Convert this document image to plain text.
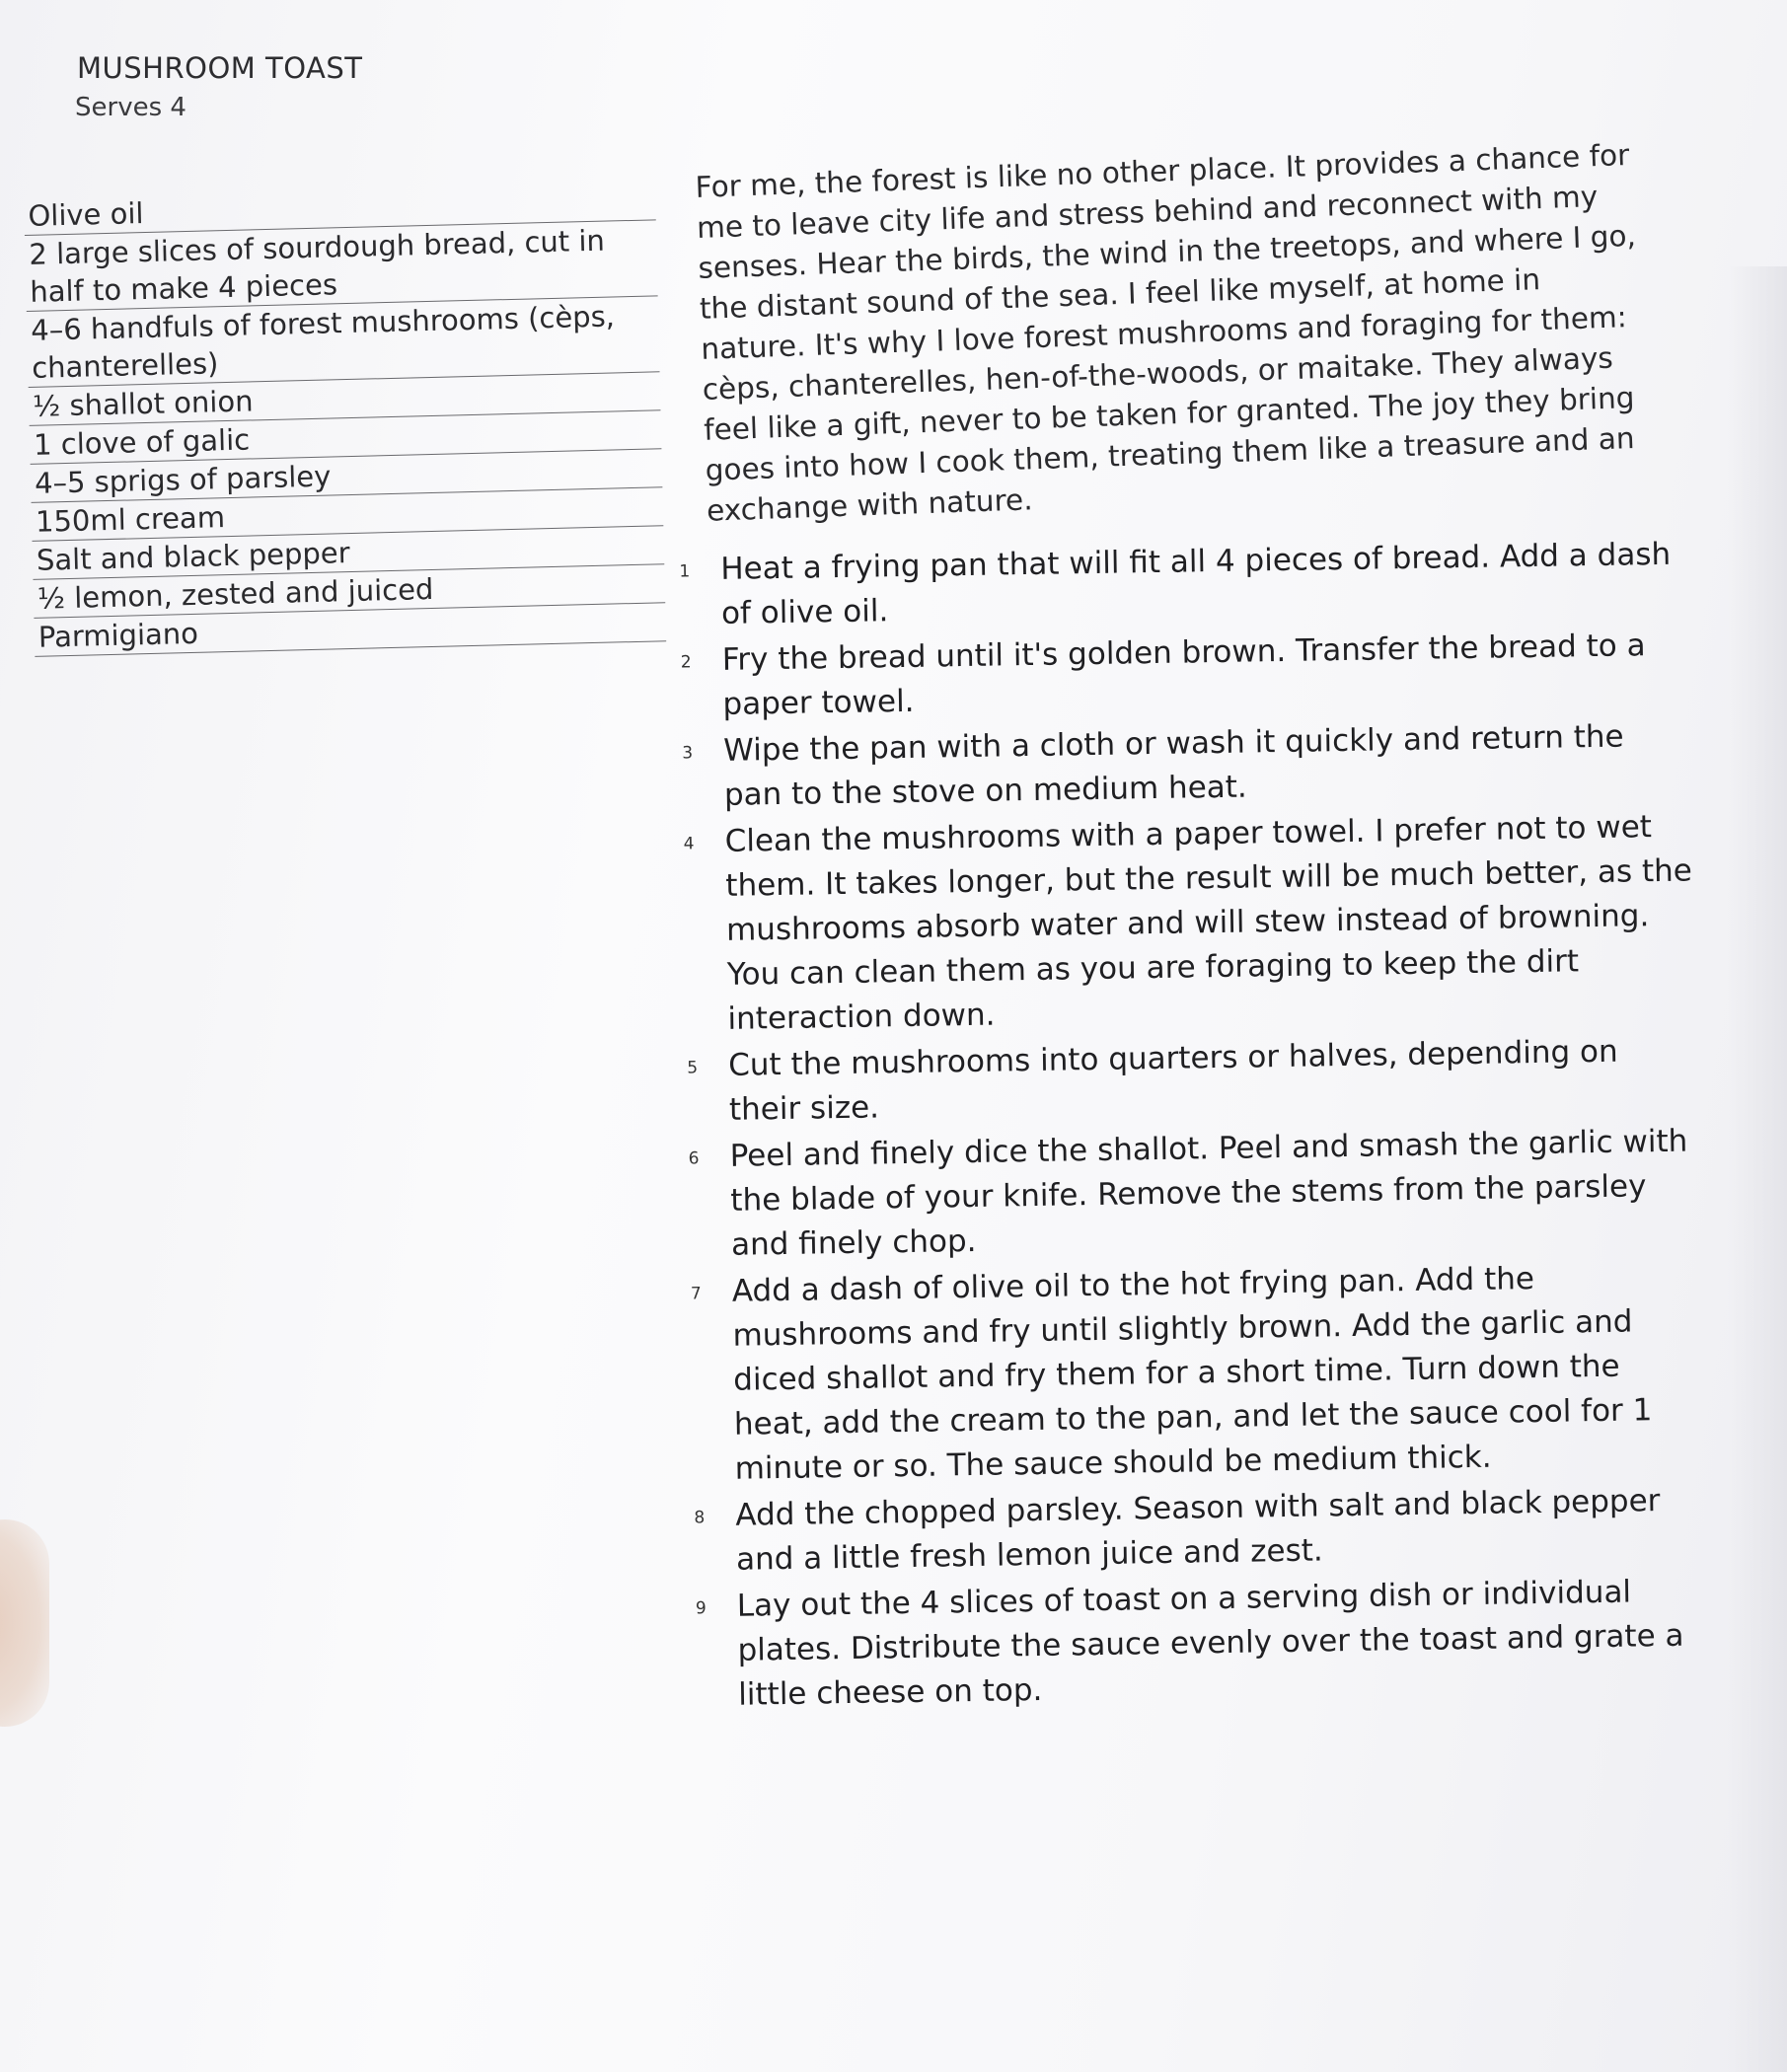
MUSHROOM TOAST
Serves 4
Olive oil
2 large slices of sourdough bread, cut in half to make 4 pieces
4–6 handfuls of forest mushrooms (cèps, chanterelles)
½ shallot onion
1 clove of galic
4–5 sprigs of parsley
150ml cream
Salt and black pepper
½ lemon, zested and juiced
Parmigiano

For me, the forest is like no other place. It provides a chance for me to leave city life and stress behind and reconnect with my senses. Hear the birds, the wind in the treetops, and where I go, the distant sound of the sea. I feel like myself, at home in nature. It's why I love forest mushrooms and foraging for them: cèps, chanterelles, hen-of-the-woods, or maitake. They always feel like a gift, never to be taken for granted. The joy they bring goes into how I cook them, treating them like a treasure and an exchange with nature.

1 Heat a frying pan that will fit all 4 pieces of bread. Add a dash of olive oil.
2 Fry the bread until it's golden brown. Transfer the bread to a paper towel.
3 Wipe the pan with a cloth or wash it quickly and return the pan to the stove on medium heat.
4 Clean the mushrooms with a paper towel. I prefer not to wet them. It takes longer, but the result will be much better, as the mushrooms absorb water and will stew instead of browning. You can clean them as you are foraging to keep the dirt interaction down.
5 Cut the mushrooms into quarters or halves, depending on their size.
6 Peel and finely dice the shallot. Peel and smash the garlic with the blade of your knife. Remove the stems from the parsley and finely chop.
7 Add a dash of olive oil to the hot frying pan. Add the mushrooms and fry until slightly brown. Add the garlic and diced shallot and fry them for a short time. Turn down the heat, add the cream to the pan, and let the sauce cool for 1 minute or so. The sauce should be medium thick.
8 Add the chopped parsley. Season with salt and black pepper and a little fresh lemon juice and zest.
9 Lay out the 4 slices of toast on a serving dish or individual plates. Distribute the sauce evenly over the toast and grate a little cheese on top.
